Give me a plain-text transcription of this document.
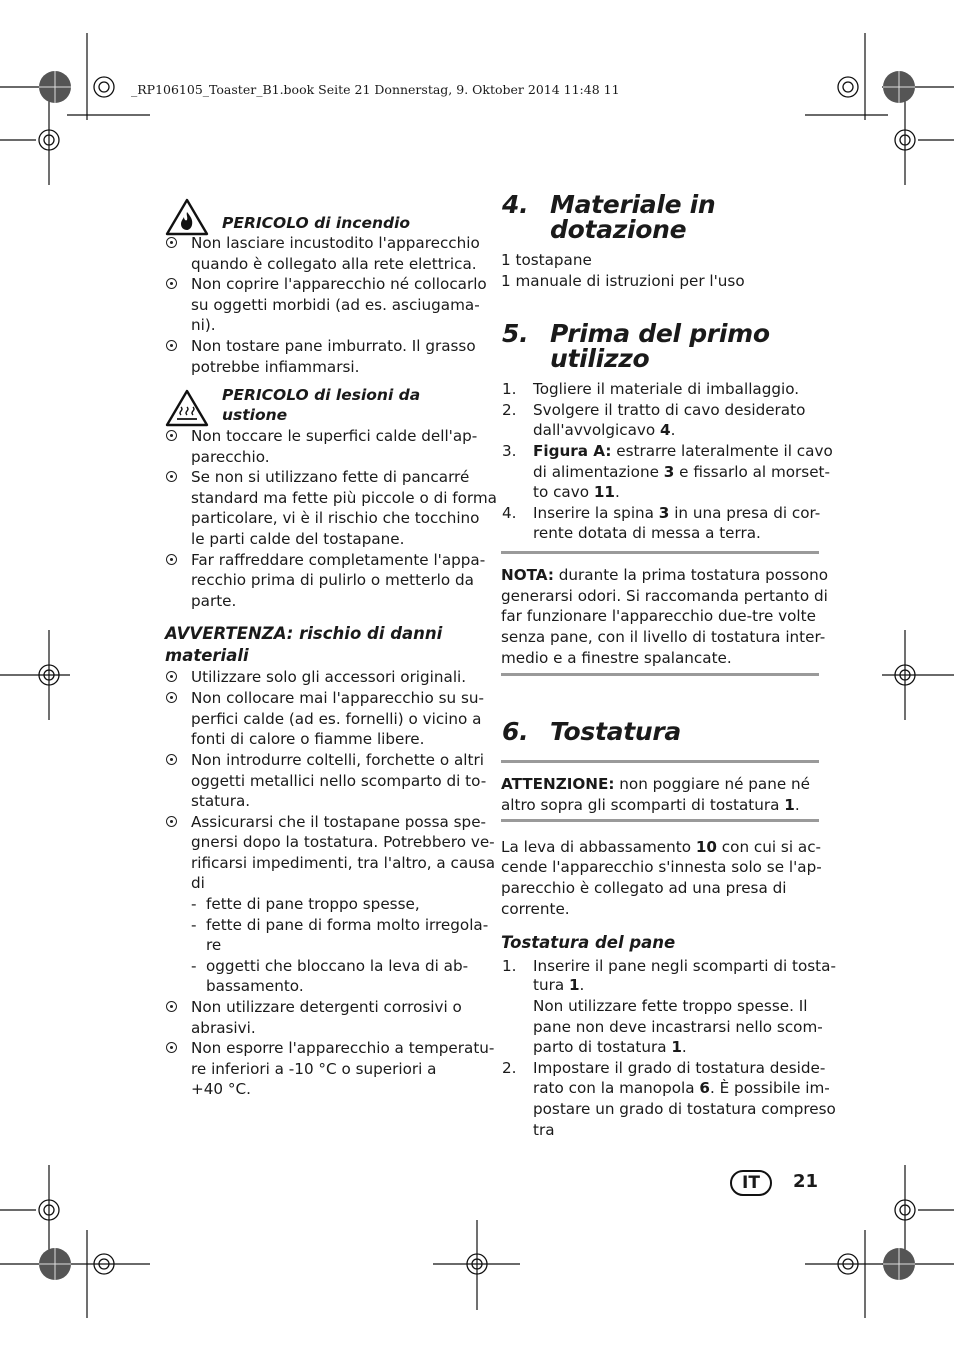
_RP106105_Toaster_B1.book Seite 21 Donnerstag, 9. Oktober 2014 11:48 11
PERICOLO di incendio
Non lasciare incustodito l'apparecchio
quando è collegato alla rete elettrica.
Non coprire l'apparecchio né collocarlo
su oggetti morbidi (ad es. asciugama-
ni).
Non tostare pane imburrato. Il grasso
potrebbe infiammarsi.
PERICOLO di lesioni da
ustione
Non toccare le superfici calde dell'ap-
parecchio.
Se non si utilizzano fette di pancarré
standard ma fette più piccole o di forma
particolare, vi è il rischio che tocchino
le parti calde del tostapane.
Far raffreddare completamente l'appa-
recchio prima di pulirlo o metterlo da
parte.
AVVERTENZA: rischio di danni
materiali
Utilizzare solo gli accessori originali.
Non collocare mai l'apparecchio su su-
perfici calde (ad es. fornelli) o vicino a
fonti di calore o fiamme libere.
Non introdurre coltelli, forchette o altri
oggetti metallici nello scomparto di to-
statura.
Assicurarsi che il tostapane possa spe-
gnersi dopo la tostatura. Potrebbero ve-
rificarsi impedimenti, tra l'altro, a causa
di
- fette di pane troppo spesse,
- fette di pane di forma molto irregola-
re
- oggetti che bloccano la leva di ab-
bassamento.
Non utilizzare detergenti corrosivi o
abrasivi.
Non esporre l'apparecchio a temperatu-
re inferiori a -10 °C o superiori a
+40 °C.
4. Materiale in
dotazione
1 tostapane
1 manuale di istruzioni per l'uso
5. Prima del primo
utilizzo
1. Togliere il materiale di imballaggio.
2. Svolgere il tratto di cavo desiderato
dall'avvolgicavo 4.
3. Figura A: estrarre lateralmente il cavo
di alimentazione 3 e fissarlo al morset-
to cavo 11.
4. Inserire la spina 3 in una presa di cor-
rente dotata di messa a terra.
NOTA: durante la prima tostatura possono
generarsi odori. Si raccomanda pertanto di
far funzionare l'apparecchio due-tre volte
senza pane, con il livello di tostatura inter-
medio e a finestre spalancate.
6. Tostatura
ATTENZIONE: non poggiare né pane né
altro sopra gli scomparti di tostatura 1.
La leva di abbassamento 10 con cui si ac-
cende l'apparecchio s'innesta solo se l'ap-
parecchio è collegato ad una presa di
corrente.
Tostatura del pane
1. Inserire il pane negli scomparti di tosta-
tura 1.
Non utilizzare fette troppo spesse. Il
pane non deve incastrarsi nello scom-
parto di tostatura 1.
2. Impostare il grado di tostatura deside-
rato con la manopola 6. È possibile im-
postare un grado di tostatura compreso
tra
IT	21
